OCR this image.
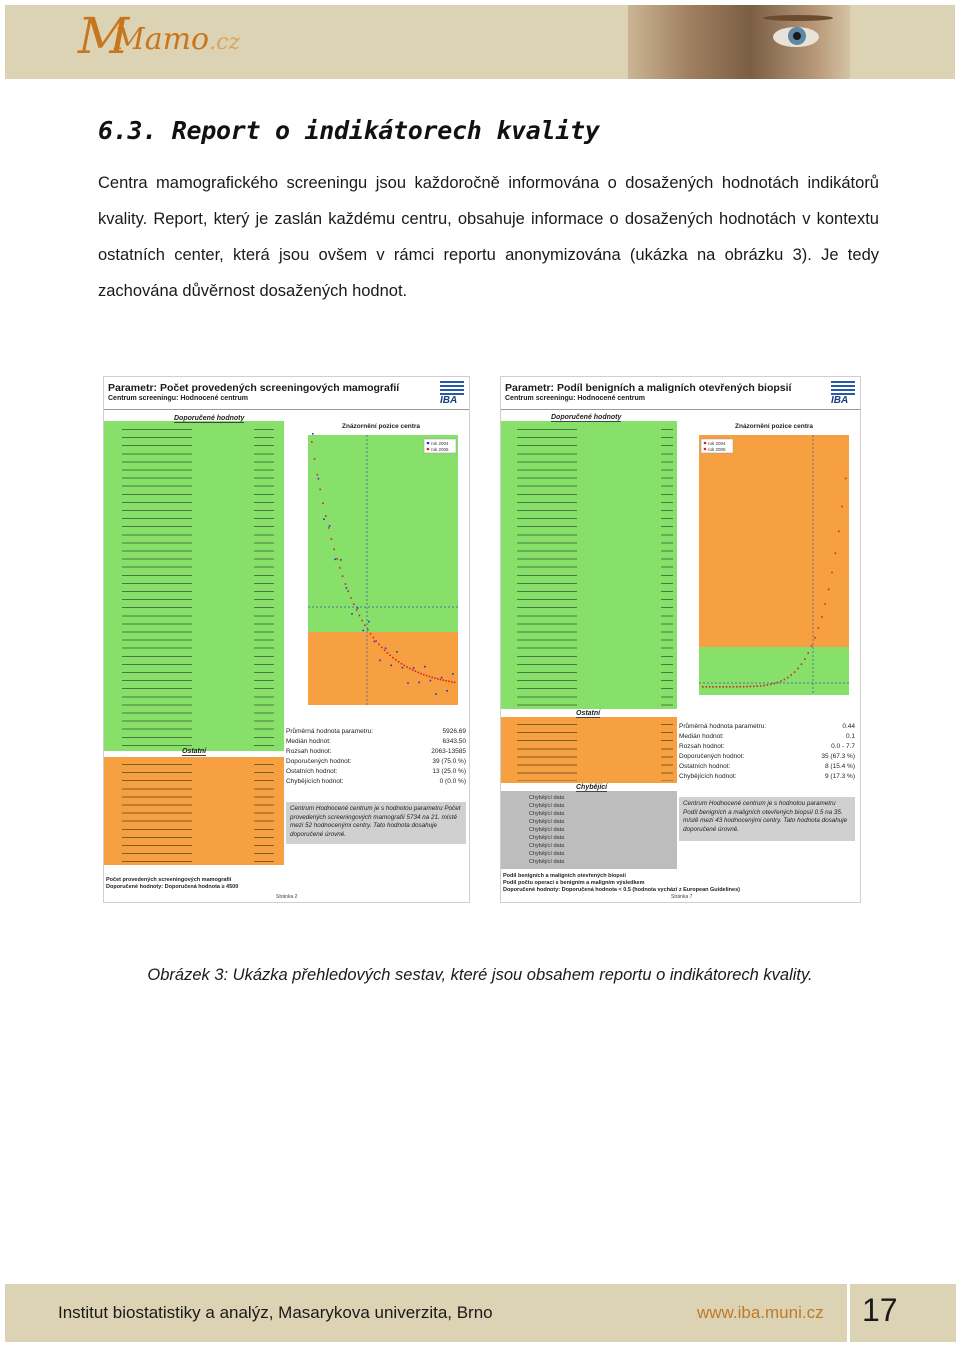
M
Mamo.cz
6.3. Report o indikátorech kvality
Centra mamografického screeningu jsou každoročně informována o dosažených hodnotách indikátorů kvality. Report, který je zaslán každému centru, obsahuje informace o dosažených hodnotách v kontextu ostatních center, která jsou ovšem v rámci reportu anonymizována (ukázka na obrázku 3). Je tedy zachována důvěrnost dosažených hodnot.
Parametr: Počet provedených screeningových mamografií
Centrum screeningu: Hodnocené centrum	IBA
Doporučené hodnoty
Ostatní
Znázornění pozice centra
rok 2004
rok 2005
Průměrná hodnota parametru:	5926.69
Medián hodnot:	6343.50
Rozsah hodnot:	2063-13585
Doporučených hodnot:	39 (75.0 %)
Ostatních hodnot:	13 (25.0 %)
Chybějících hodnot:	0 (0.0 %)
Centrum Hodnocené centrum je s hodnotou parametru Počet provedených screeningových mamografií 5734 na 21. místě mezi 52 hodnocenými centry. Tato hodnota dosahuje doporučené úrovně.
Počet provedených screeningových mamografií
Doporučené hodnoty: Doporučená hodnota ≥ 4500
Stránka 2
Parametr: Podíl benigních a maligních otevřených biopsií
Centrum screeningu: Hodnocené centrum	IBA
Doporučené hodnoty
Ostatní
Chybějící
Chybějící data
Chybějící data
Chybějící data
Chybějící data
Chybějící data
Chybějící data
Chybějící data
Chybějící data
Chybějící data
Znázornění pozice centra
rok 2004
rok 2005
Průměrná hodnota parametru:	0.44
Medián hodnot:	0.1
Rozsah hodnot:	0.0 - 7.7
Doporučených hodnot:	35 (67.3 %)
Ostatních hodnot:	8 (15.4 %)
Chybějících hodnot:	9 (17.3 %)
Centrum Hodnocené centrum je s hodnotou parametru Podíl benigních a maligních otevřených biopsií 0.5 na 35. místě mezi 43 hodnocenými centry. Tato hodnota dosahuje doporučené úrovně.
Podíl benigních a maligních otevřených biopsií
Podíl počtu operací s benigním a maligním výsledkem
Doporučené hodnoty: Doporučená hodnota < 0.5 (hodnota vychází z European Guidelines)
Stránka 7
Obrázek 3: Ukázka přehledových sestav, které jsou obsahem reportu o indikátorech kvality.
Institut biostatistiky a analýz, Masarykova univerzita, Brno	www.iba.muni.cz 17
